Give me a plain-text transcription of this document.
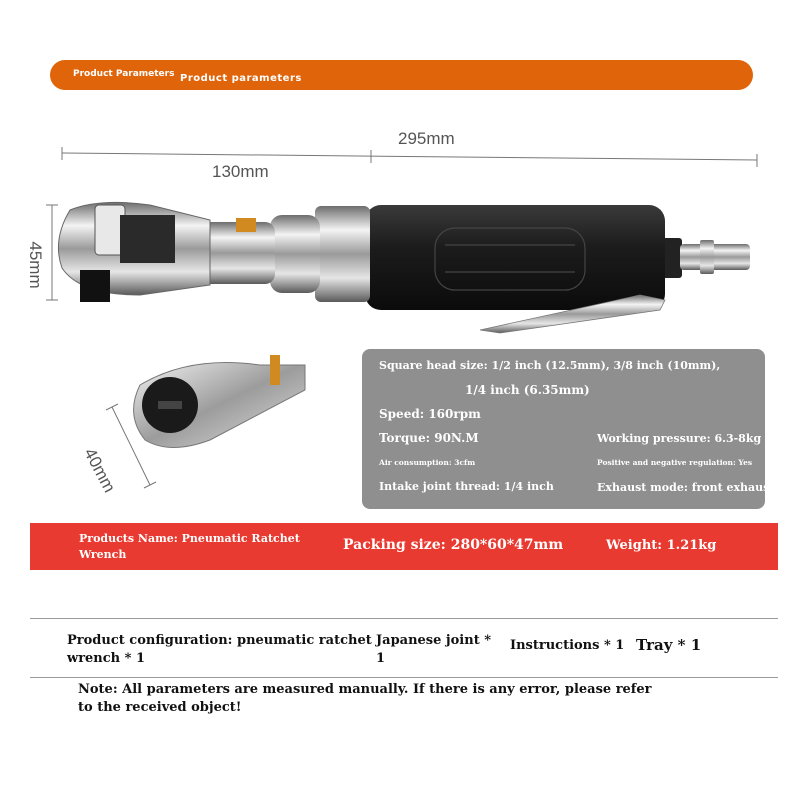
Product Parameters Product parameters
295mm
130mm
45mm
40mm
Square head size: 1/2 inch (12.5mm), 3/8 inch (10mm),
1/4 inch (6.35mm)
Speed: 160rpm
Torque: 90N.M	Working pressure: 6.3-8kg
Air consumption: 3cfm	Positive and negative regulation: Yes
Intake joint thread: 1/4 inch	Exhaust mode: front exhaust
Products Name: Pneumatic Ratchet
Wrench
Packing size: 280*60*47mm	Weight: 1.21kg
Product configuration: pneumatic ratchet
wrench * 1
Japanese joint *
1
Instructions * 1 Tray * 1
Note: All parameters are measured manually. If there is any error, please refer
to the received object!
